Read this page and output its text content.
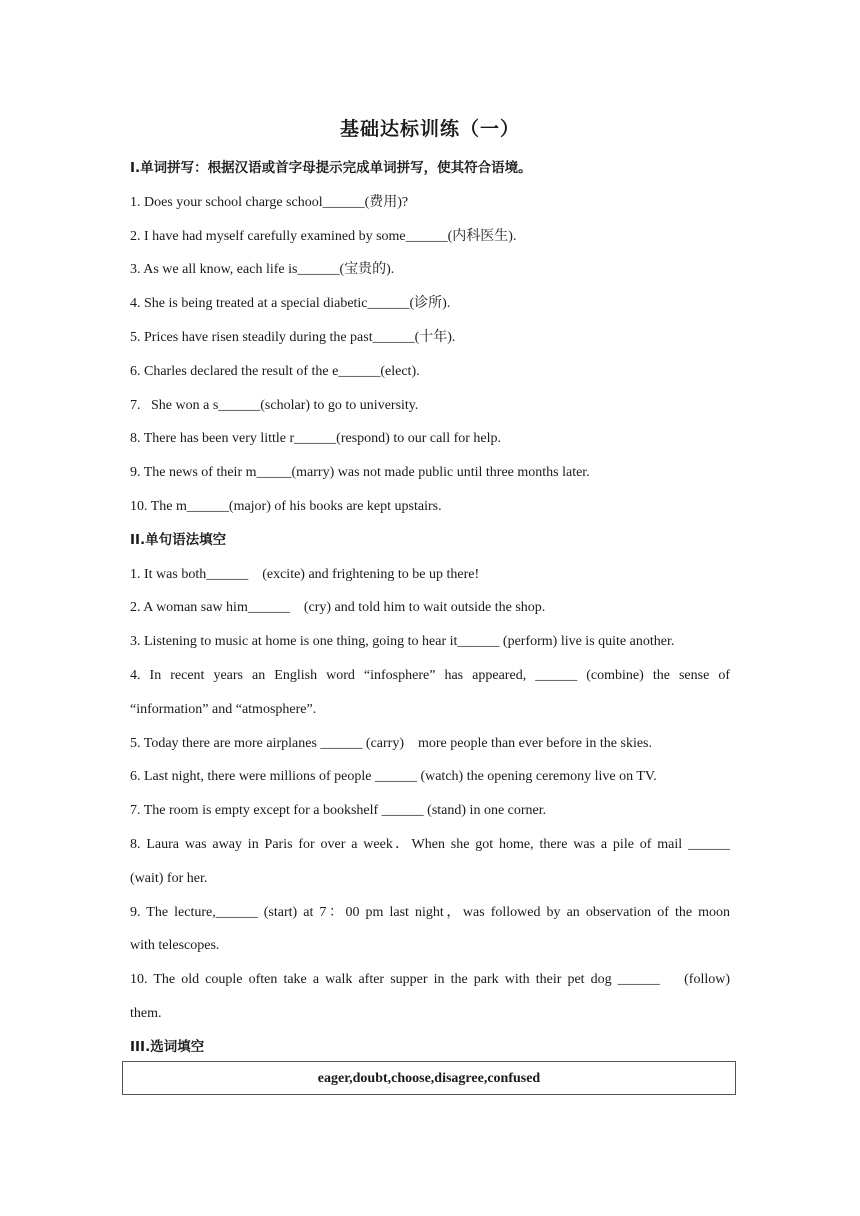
基础达标训练（一）
I.单词拼写：根据汉语或首字母提示完成单词拼写，使其符合语境。
1. Does your school charge school______(费用)?
2. I have had myself carefully examined by some______(内科医生).
3. As we all know, each life is______(宝贵的).
4. She is being treated at a special diabetic______(诊所).
5. Prices have risen steadily during the past______(十年).
6. Charles declared the result of the e______(elect).
7.   She won a s______(scholar) to go to university.
8. There has been very little r______(respond) to our call for help.
9. The news of their m_____(marry) was not made public until three months later.
10. The m______(major) of his books are kept upstairs.
II.单句语法填空
1. It was both______    (excite) and frightening to be up there!
2. A woman saw him______    (cry) and told him to wait outside the shop.
3. Listening to music at home is one thing, going to hear it______ (perform) live is quite another.
4. In recent years an English word “infosphere” has appeared, ______ (combine) the sense of
“information” and “atmosphere”.
5. Today there are more airplanes ______ (carry)    more people than ever before in the skies.
6. Last night, there were millions of people ______ (watch) the opening ceremony live on TV.
7. The room is empty except for a bookshelf ______ (stand) in one corner.
8. Laura was away in Paris for over a week．When she got home, there was a pile of mail ______
(wait) for her.
9. The lecture,______ (start) at 7：00 pm last night，was followed by an observation of the moon
with telescopes.
10. The old couple often take a walk after supper in the park with their pet dog ______    (follow)
them.
III.选词填空
eager,doubt,choose,disagree,confused
